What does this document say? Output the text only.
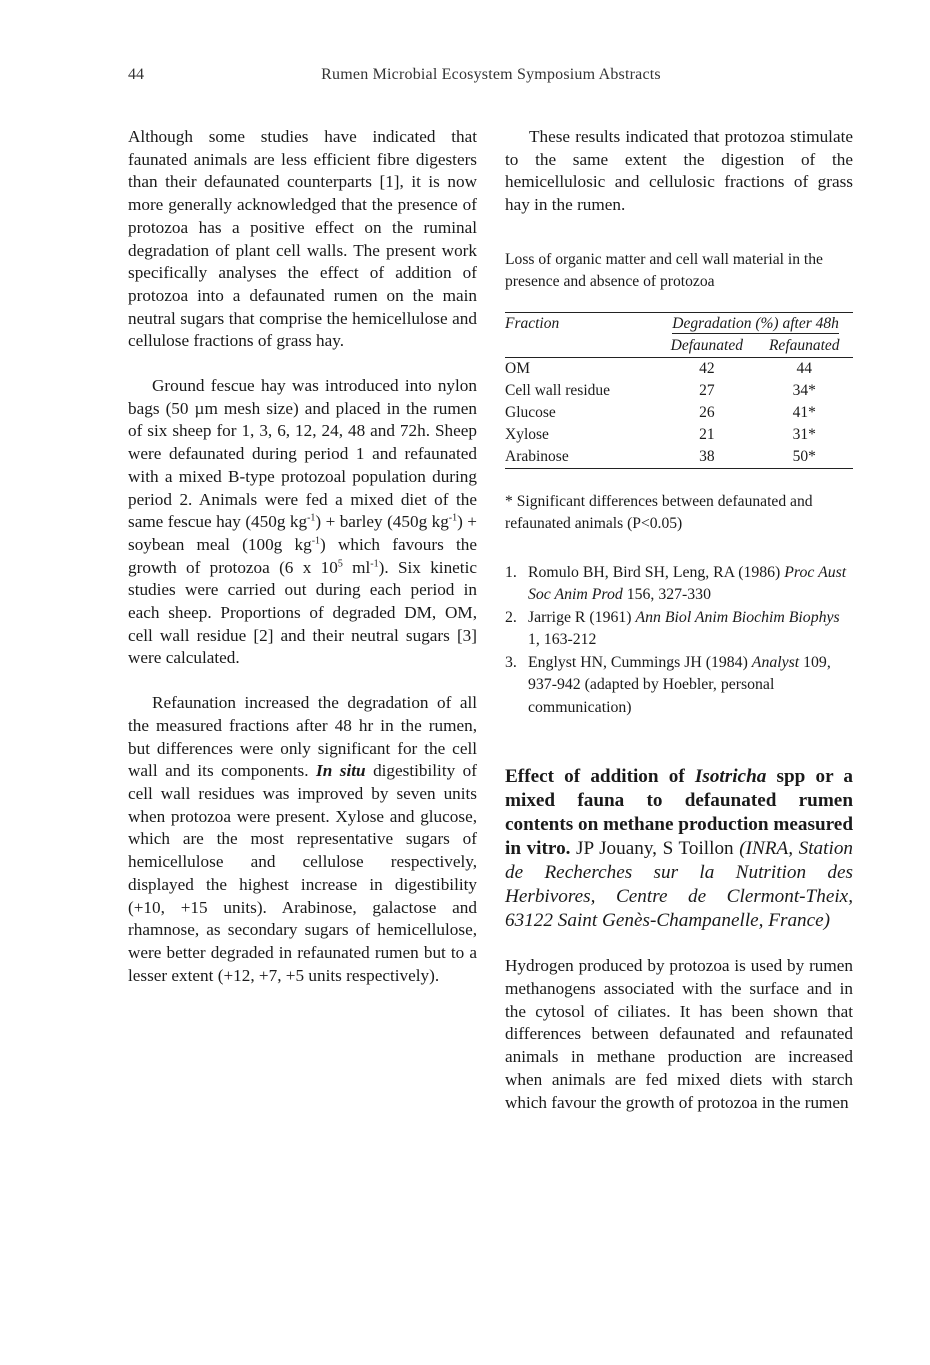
44	Rumen Microbial Ecosystem Symposium Abstracts

Although some studies have indicated that faunated animals are less efficient fibre digesters than their defaunated counterparts [1], it is now more generally acknowledged that the presence of protozoa has a positive effect on the ruminal degradation of plant cell walls. The present work specifically analyses the effect of addition of protozoa into a defaunated rumen on the main neutral sugars that comprise the hemicellulose and cellulose fractions of grass hay.

Ground fescue hay was introduced into nylon bags (50 µm mesh size) and placed in the rumen of six sheep for 1, 3, 6, 12, 24, 48 and 72h. Sheep were defaunated during period 1 and refaunated with a mixed B-type protozoal population during period 2. Animals were fed a mixed diet of the same fescue hay (450g $kg^{-1}$) + barley (450g $kg^{-1}$) + soybean meal (100g $kg^{-1}$) which favours the growth of protozoa (6 x $10^5$ $ml^{-1}$). Six kinetic studies were carried out during each period in each sheep. Proportions of degraded DM, OM, cell wall residue [2] and their neutral sugars [3] were calculated.

Refaunation increased the degradation of all the measured fractions after 48 hr in the rumen, but differences were only significant for the cell wall and its components. In situ digestibility of cell wall residues was improved by seven units when protozoa were present. Xylose and glucose, which are the most representative sugars of hemicellulose and cellulose respectively, displayed the highest increase in digestibility (+10, +15 units). Arabinose, galactose and rhamnose, as secondary sugars of hemicellulose, were better degraded in refaunated rumen but to a lesser extent (+12, +7, +5 units respectively).

These results indicated that protozoa stimulate to the same extent the digestion of the hemicellulosic and cellulosic fractions of grass hay in the rumen.

Loss of organic matter and cell wall material in the presence and absence of protozoa

Fraction	Degradation (%) after 48h	
	Defaunated	Refaunated
OM	42	44
Cell wall residue	27	34*
Glucose	26	41*
Xylose	21	31*
Arabinose	38	50*

* Significant differences between defaunated and refaunated animals (P<0.05)

1. Romulo BH, Bird SH, Leng, RA (1986) Proc Aust Soc Anim Prod 156, 327-330
2. Jarrige R (1961) Ann Biol Anim Biochim Biophys 1, 163-212
3. Englyst HN, Cummings JH (1984) Analyst 109, 937-942 (adapted by Hoebler, personal communication)
Effect of addition of Isotricha spp or a mixed fauna to defaunated rumen contents on methane production measured in vitro. JP Jouany, S Toillon (INRA, Station de Recherches sur la Nutrition des Herbivores, Centre de Clermont-Theix, 63122 Saint Genès-Champanelle, France)

Hydrogen produced by protozoa is used by rumen methanogens associated with the surface and in the cytosol of ciliates. It has been shown that differences between defaunated and refaunated animals in methane production are increased when animals are fed mixed diets with starch which favour the growth of protozoa in the rumen
